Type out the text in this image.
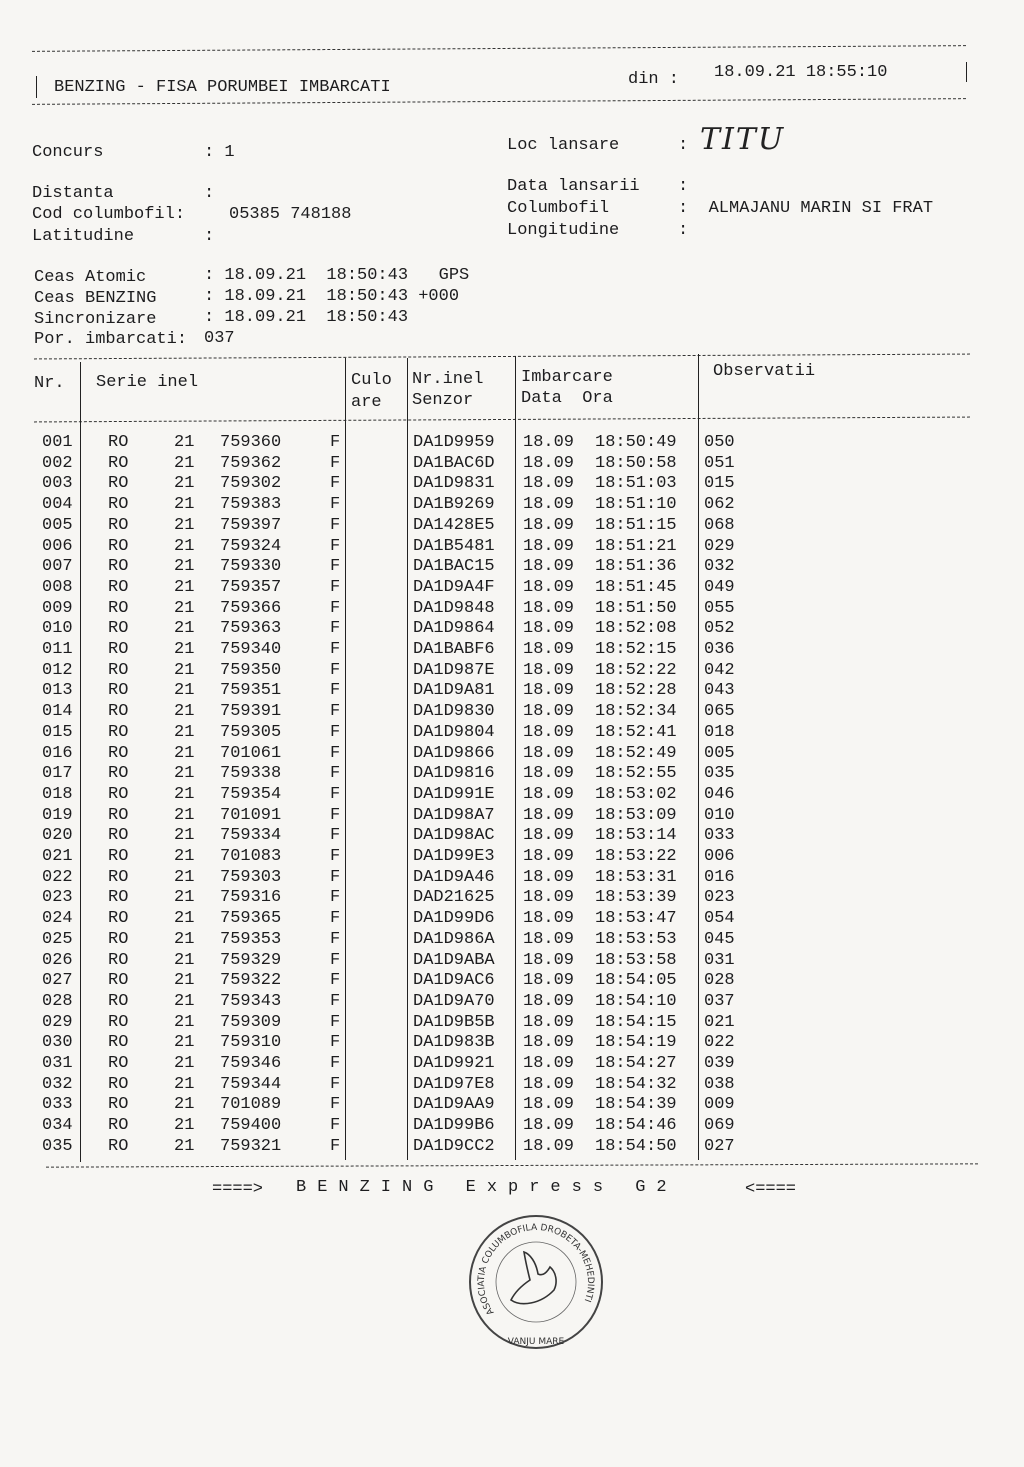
BENZING - FISA PORUMBEI IMBARCATI	din : 18.09.21 18:55:10
Concurs	: 1	Loc lansare	: TITU
Distanta	:
Cod columbofil:	05385 748188
Latitudine	:
Data lansarii :
Columbofil	:  ALMAJANU MARIN SI FRAT
Longitudine	:
Ceas Atomic	: 18.09.21  18:50:43   GPS
Ceas BENZING	: 18.09.21  18:50:43 +000
Sincronizare	: 18.09.21  18:50:43
Por. imbarcati: 037
Nr. Serie inel	Culo
are
Nr.inel
Senzor
Imbarcare
Data  Ora
Observatii
001 RO	21 759360	F	DA1D9959 18.09 18:50:49 050
002 RO	21 759362	F	DA1BAC6D 18.09 18:50:58 051
003 RO	21 759302	F	DA1D9831 18.09 18:51:03 015
004 RO	21 759383	F	DA1B9269 18.09 18:51:10 062
005 RO	21 759397	F	DA1428E5 18.09 18:51:15 068
006 RO	21 759324	F	DA1B5481 18.09 18:51:21 029
007 RO	21 759330	F	DA1BAC15 18.09 18:51:36 032
008 RO	21 759357	F	DA1D9A4F 18.09 18:51:45 049
009 RO	21 759366	F	DA1D9848 18.09 18:51:50 055
010 RO	21 759363	F	DA1D9864 18.09 18:52:08 052
011 RO	21 759340	F	DA1BABF6 18.09 18:52:15 036
012 RO	21 759350	F	DA1D987E 18.09 18:52:22 042
013 RO	21 759351	F	DA1D9A81 18.09 18:52:28 043
014 RO	21 759391	F	DA1D9830 18.09 18:52:34 065
015 RO	21 759305	F	DA1D9804 18.09 18:52:41 018
016 RO	21 701061	F	DA1D9866 18.09 18:52:49 005
017 RO	21 759338	F	DA1D9816 18.09 18:52:55 035
018 RO	21 759354	F	DA1D991E 18.09 18:53:02 046
019 RO	21 701091	F	DA1D98A7 18.09 18:53:09 010
020 RO	21 759334	F	DA1D98AC 18.09 18:53:14 033
021 RO	21 701083	F	DA1D99E3 18.09 18:53:22 006
022 RO	21 759303	F	DA1D9A46 18.09 18:53:31 016
023 RO	21 759316	F	DAD21625 18.09 18:53:39 023
024 RO	21 759365	F	DA1D99D6 18.09 18:53:47 054
025 RO	21 759353	F	DA1D986A 18.09 18:53:53 045
026 RO	21 759329	F	DA1D9ABA 18.09 18:53:58 031
027 RO	21 759322	F	DA1D9AC6 18.09 18:54:05 028
028 RO	21 759343	F	DA1D9A70 18.09 18:54:10 037
029 RO	21 759309	F	DA1D9B5B 18.09 18:54:15 021
030 RO	21 759310	F	DA1D983B 18.09 18:54:19 022
031 RO	21 759346	F	DA1D9921 18.09 18:54:27 039
032 RO	21 759344	F	DA1D97E8 18.09 18:54:32 038
033 RO	21 701089	F	DA1D9AA9 18.09 18:54:39 009
034 RO	21 759400	F	DA1D99B6 18.09 18:54:46 069
035 RO	21 759321	F	DA1D9CC2 18.09 18:54:50 027
====> BENZING Express G2	<====
ASOCIATIA COLUMBOFILA DROBETA-MEHEDINTI
VANJU MARE
